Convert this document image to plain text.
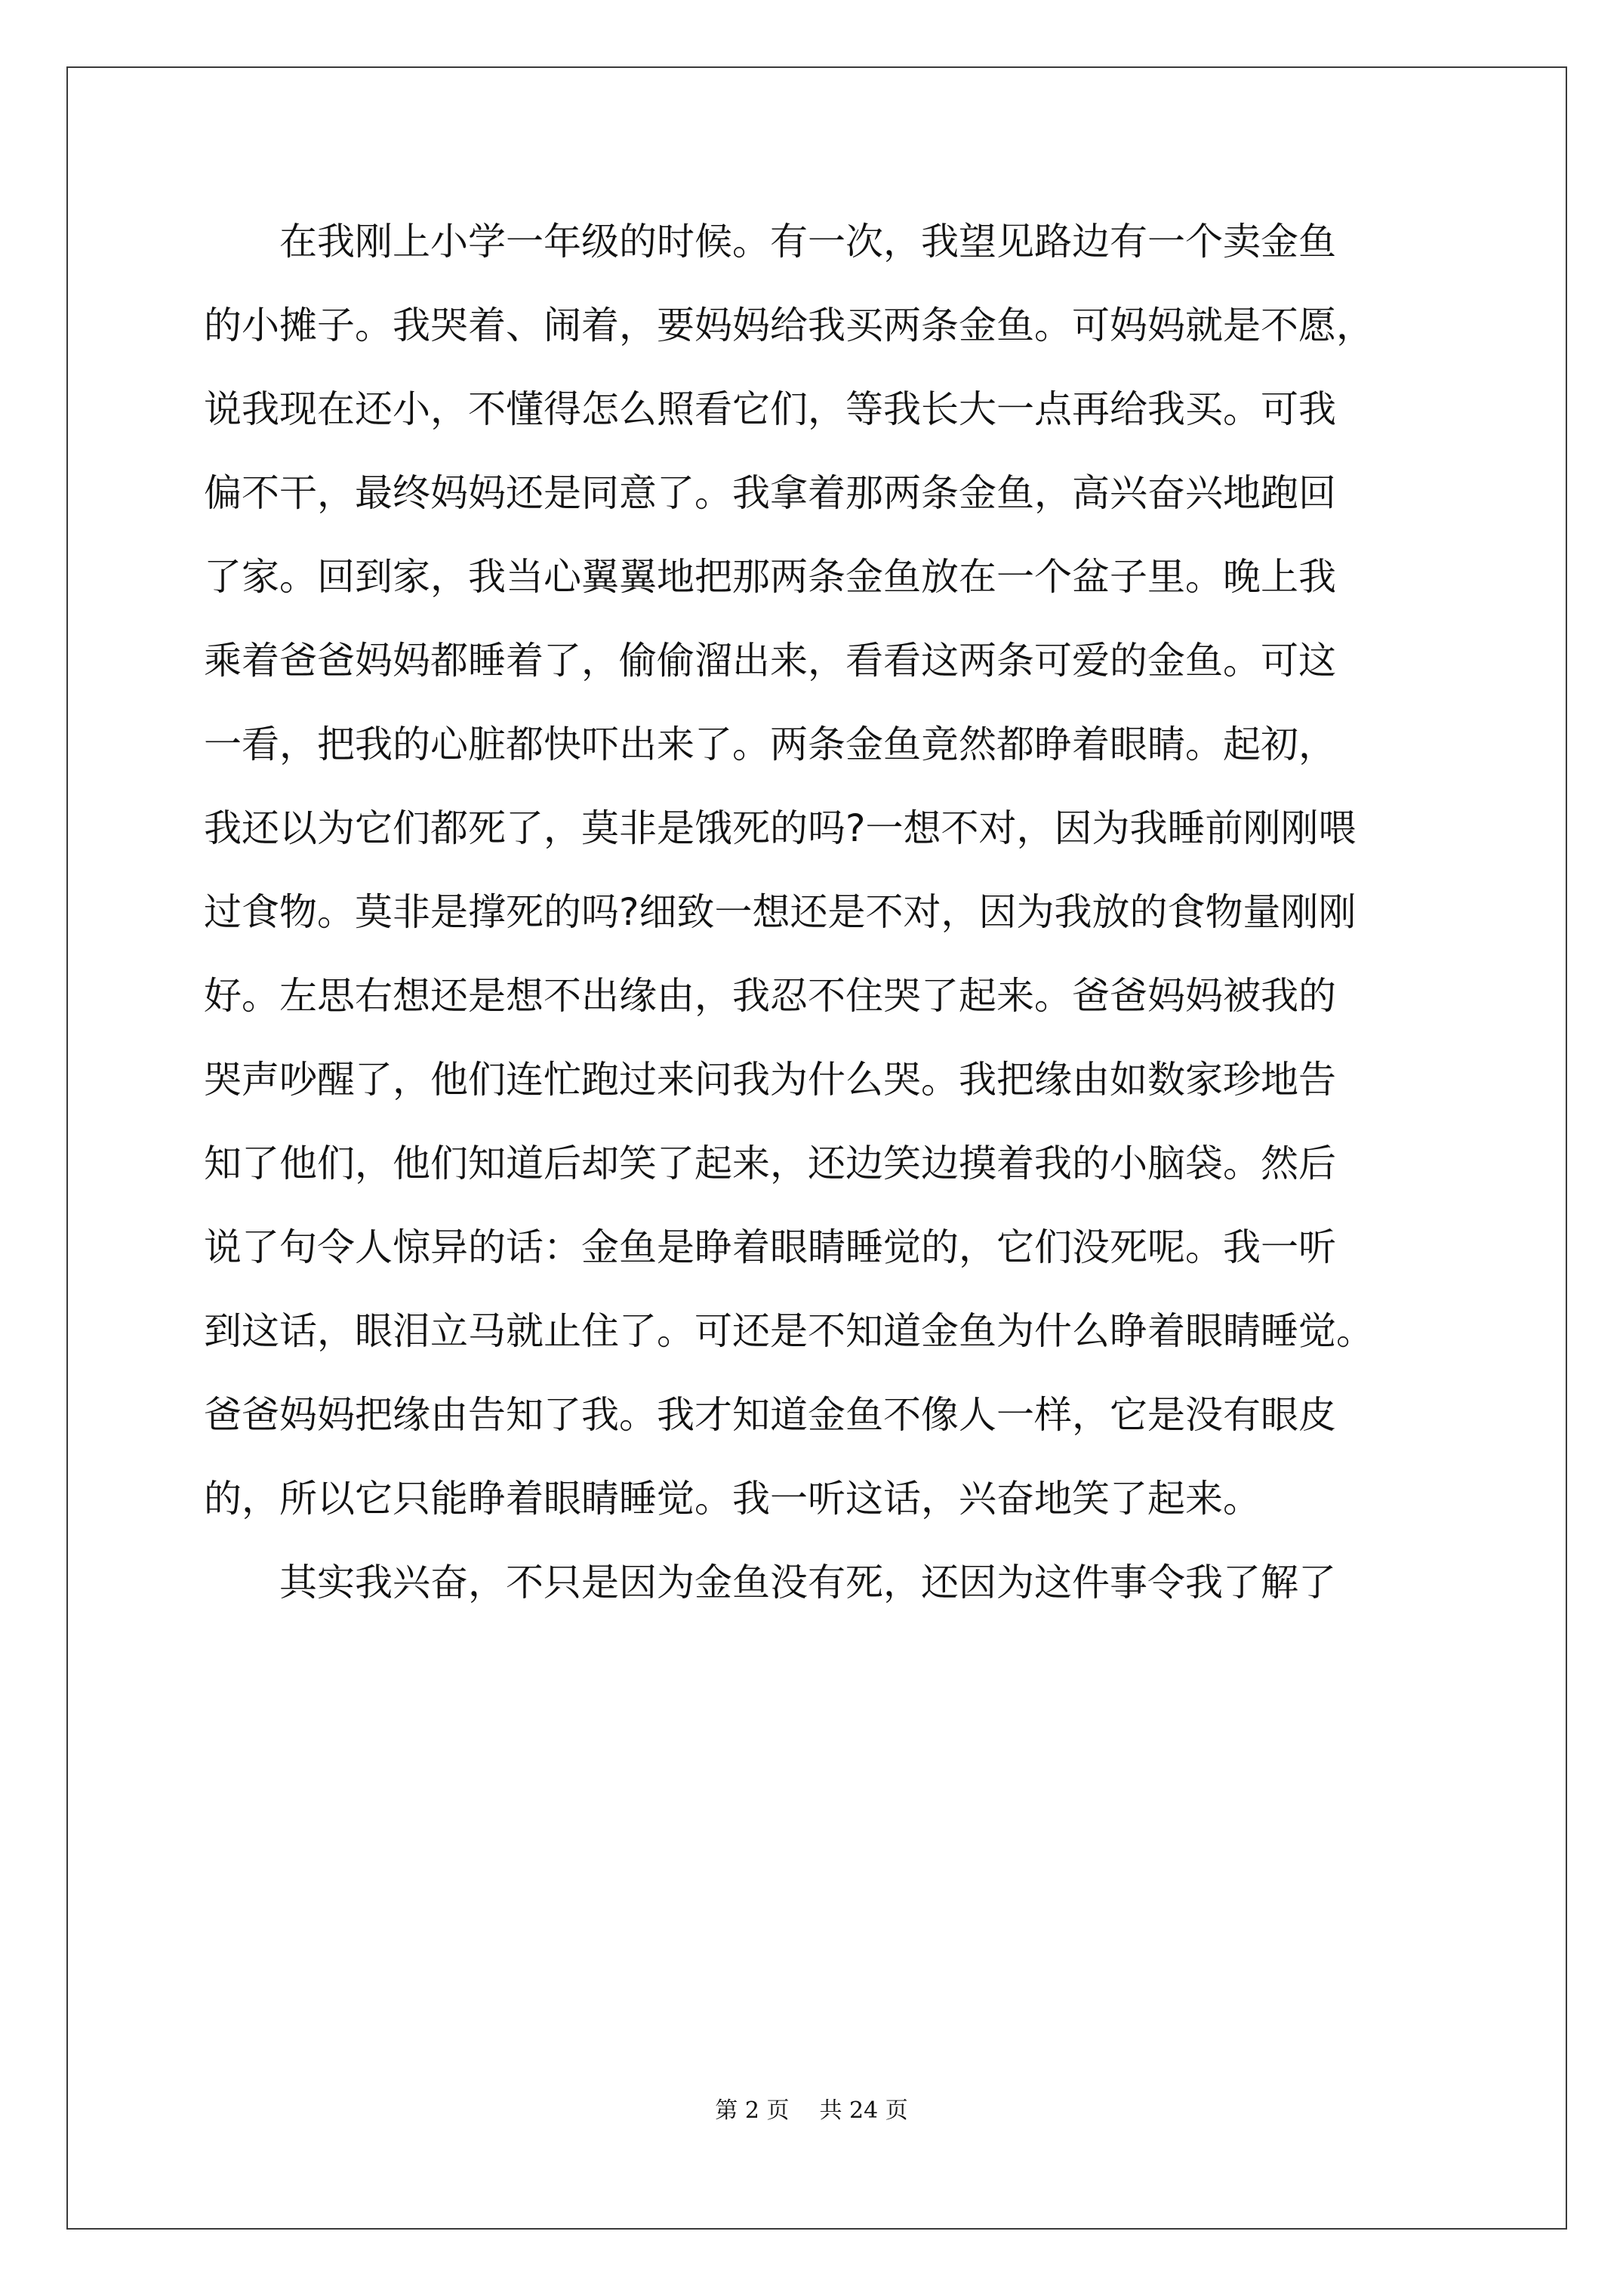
在我刚上小学一年级的时候。有一次，我望见路边有一个卖金鱼
的小摊子。我哭着、闹着，要妈妈给我买两条金鱼。可妈妈就是不愿，
说我现在还小，不懂得怎么照看它们，等我长大一点再给我买。可我
偏不干，最终妈妈还是同意了。我拿着那两条金鱼，高兴奋兴地跑回
了家。回到家，我当心翼翼地把那两条金鱼放在一个盆子里。晚上我
乘着爸爸妈妈都睡着了，偷偷溜出来，看看这两条可爱的金鱼。可这
一看，把我的心脏都快吓出来了。两条金鱼竟然都睁着眼睛。起初，
我还以为它们都死了，莫非是饿死的吗?一想不对，因为我睡前刚刚喂
过食物。莫非是撑死的吗?细致一想还是不对，因为我放的食物量刚刚
好。左思右想还是想不出缘由，我忍不住哭了起来。爸爸妈妈被我的
哭声吵醒了，他们连忙跑过来问我为什么哭。我把缘由如数家珍地告
知了他们，他们知道后却笑了起来，还边笑边摸着我的小脑袋。然后
说了句令人惊异的话：金鱼是睁着眼睛睡觉的，它们没死呢。我一听
到这话，眼泪立马就止住了。可还是不知道金鱼为什么睁着眼睛睡觉。
爸爸妈妈把缘由告知了我。我才知道金鱼不像人一样，它是没有眼皮
的，所以它只能睁着眼睛睡觉。我一听这话，兴奋地笑了起来。
其实我兴奋，不只是因为金鱼没有死，还因为这件事令我了解了
第 2 页 共 24 页
